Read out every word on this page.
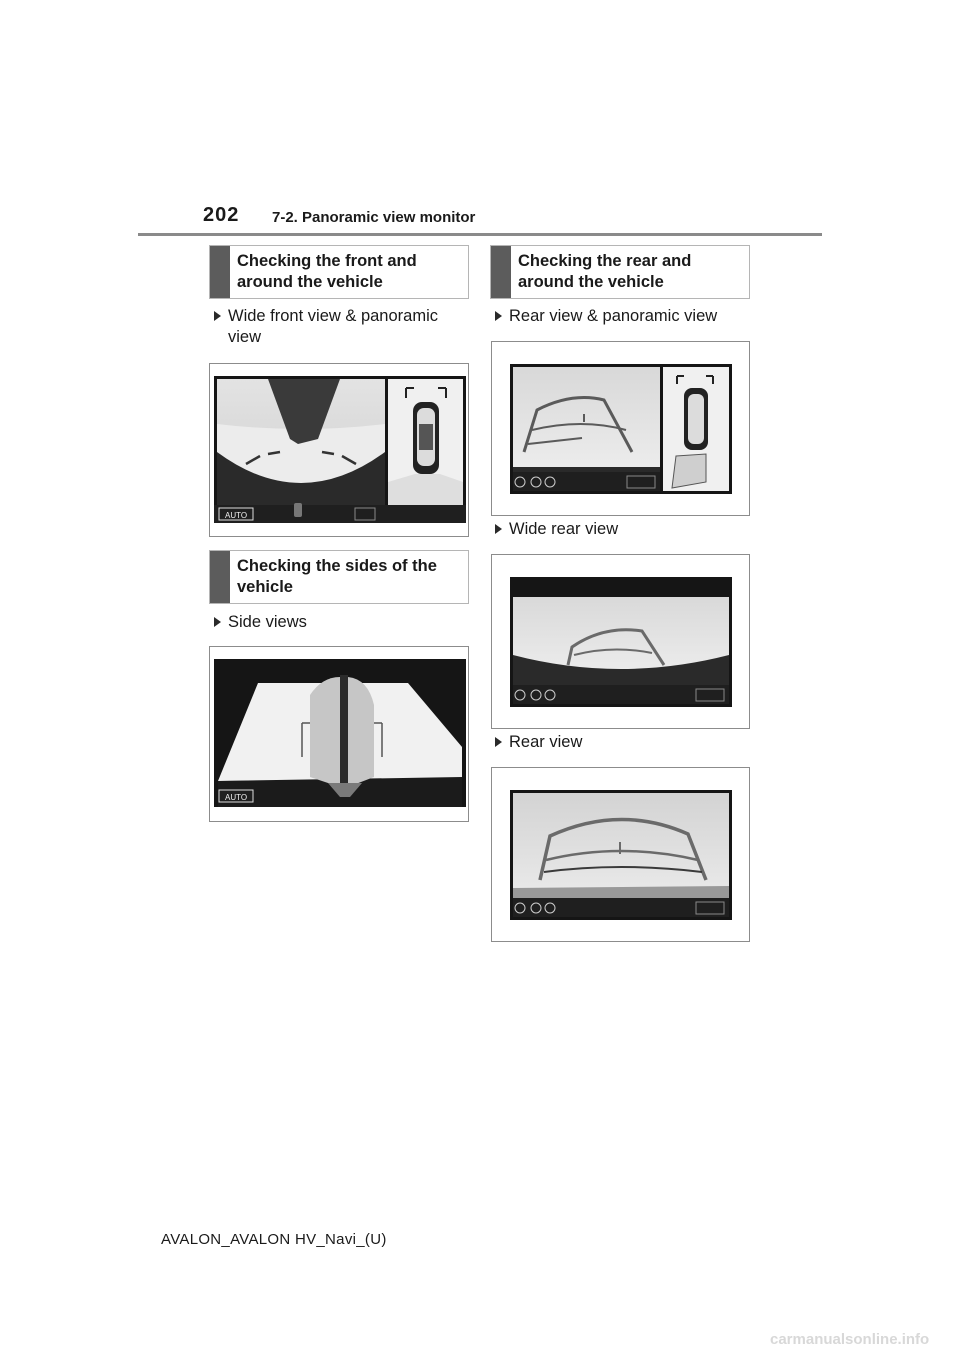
202 7-2. Panoramic view monitor
Checking the front and
around the vehicle
Checking the rear and
around the vehicle
Checking the sides of the
vehicle
Wide front view & panoramic
view
Side views
Rear view & panoramic view
Wide rear view
Rear view
AUTO
AUTO
AVALON_AVALON HV_Navi_(U)
carmanualsonline.info
